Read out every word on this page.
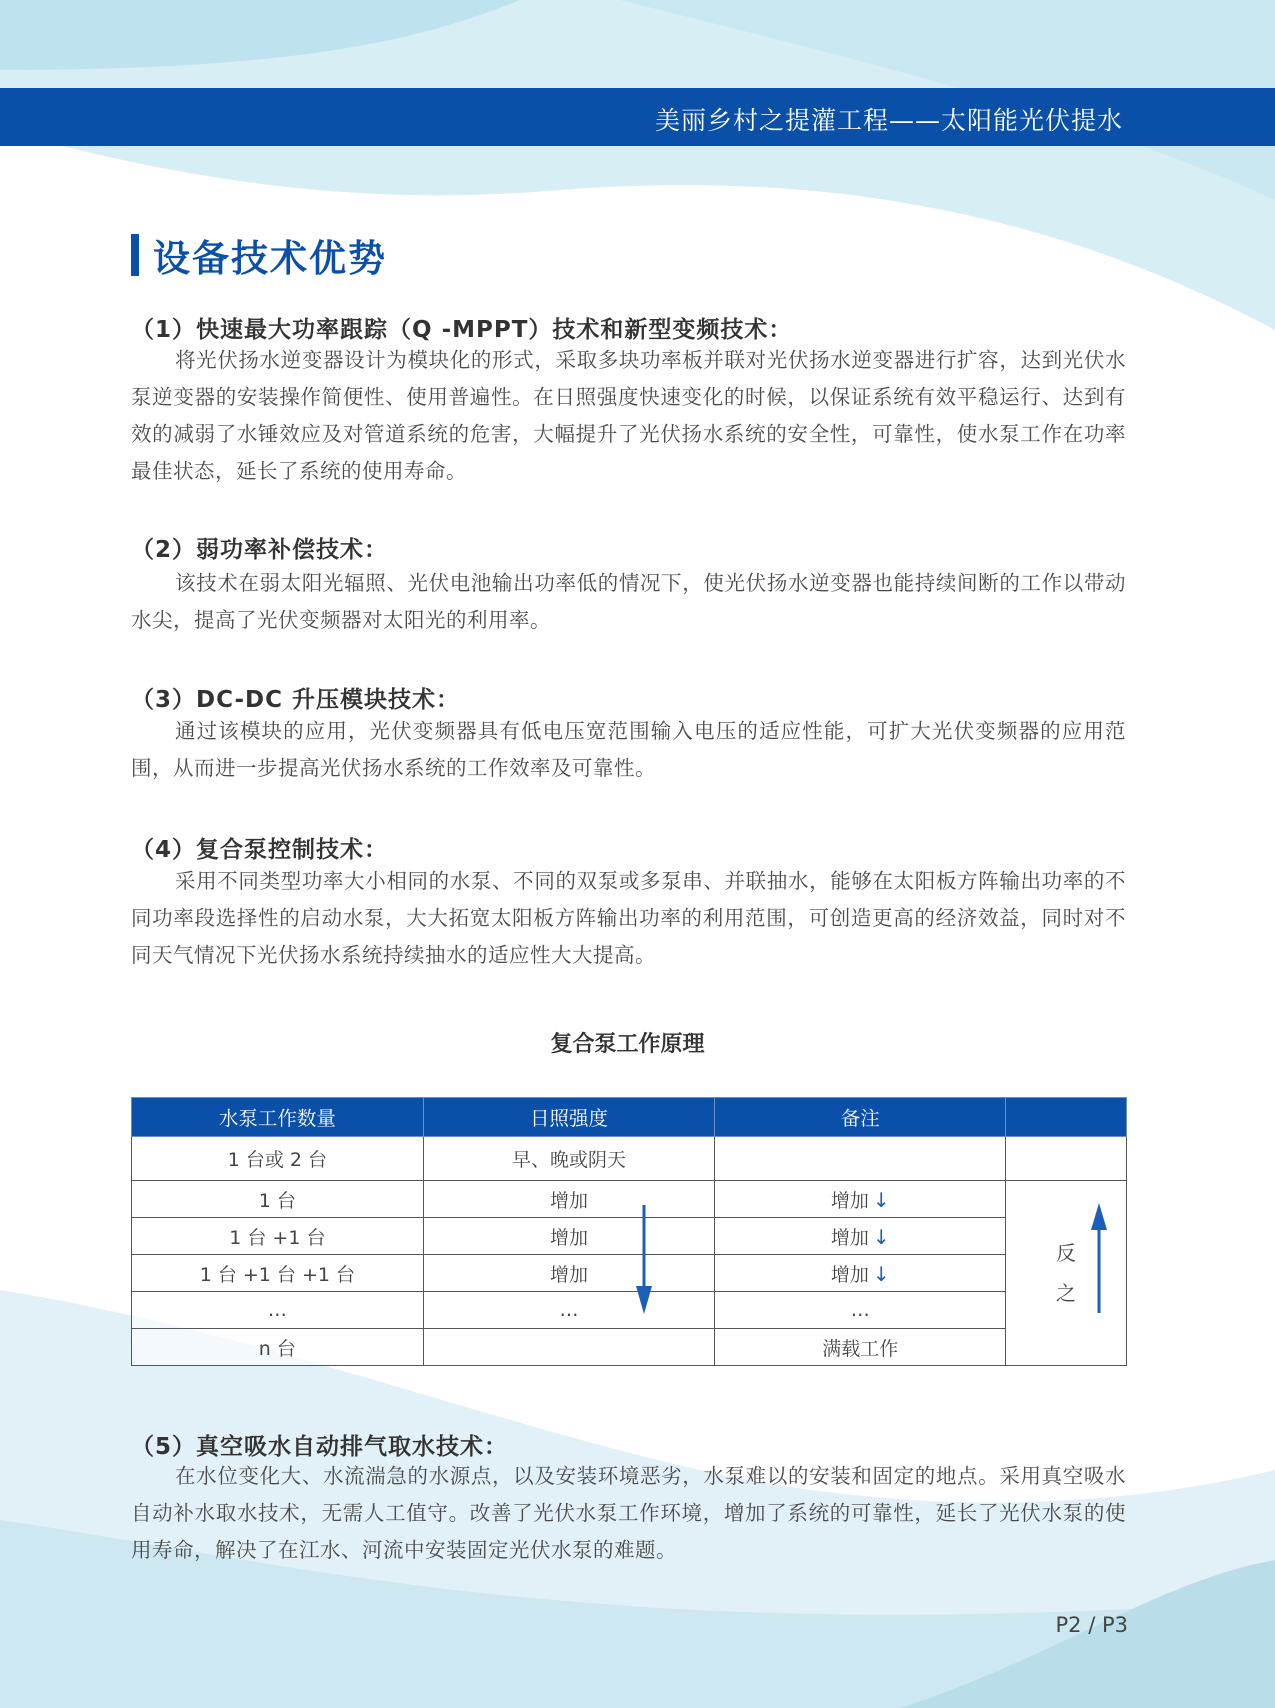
美丽乡村之提灌工程——太阳能光伏提水
设备技术优势
（1）快速最大功率跟踪（Q -MPPT）技术和新型变频技术：
将光伏扬水逆变器设计为模块化的形式，采取多块功率板并联对光伏扬水逆变器进行扩容，达到光伏水泵逆变器的安装操作简便性、使用普遍性。在日照强度快速变化的时候，以保证系统有效平稳运行、达到有效的减弱了水锤效应及对管道系统的危害，大幅提升了光伏扬水系统的安全性，可靠性，使水泵工作在功率最佳状态，延长了系统的使用寿命。
（2）弱功率补偿技术：
该技术在弱太阳光辐照、光伏电池输出功率低的情况下，使光伏扬水逆变器也能持续间断的工作以带动水尖，提高了光伏变频器对太阳光的利用率。
（3）DC-DC 升压模块技术：
通过该模块的应用，光伏变频器具有低电压宽范围输入电压的适应性能，可扩大光伏变频器的应用范围，从而进一步提高光伏扬水系统的工作效率及可靠性。
（4）复合泵控制技术：
采用不同类型功率大小相同的水泵、不同的双泵或多泵串、并联抽水，能够在太阳板方阵输出功率的不同功率段选择性的启动水泵，大大拓宽太阳板方阵输出功率的利用范围，可创造更高的经济效益，同时对不同天气情况下光伏扬水系统持续抽水的适应性大大提高。
复合泵工作原理
水泵工作数量	日照强度	备注	
1 台或 2 台	早、晚或阴天		
1 台	增加	增加 ↓	反
之

1 台 +1 台	增加	增加 ↓	
1 台 +1 台 +1 台	增加	增加 ↓	
…	…	…	
n 台		满载工作	
（5）真空吸水自动排气取水技术：
在水位变化大、水流湍急的水源点，以及安装环境恶劣，水泵难以的安装和固定的地点。采用真空吸水自动补水取水技术，无需人工值守。改善了光伏水泵工作环境，增加了系统的可靠性，延长了光伏水泵的使用寿命，解决了在江水、河流中安装固定光伏水泵的难题。
P2 / P3
